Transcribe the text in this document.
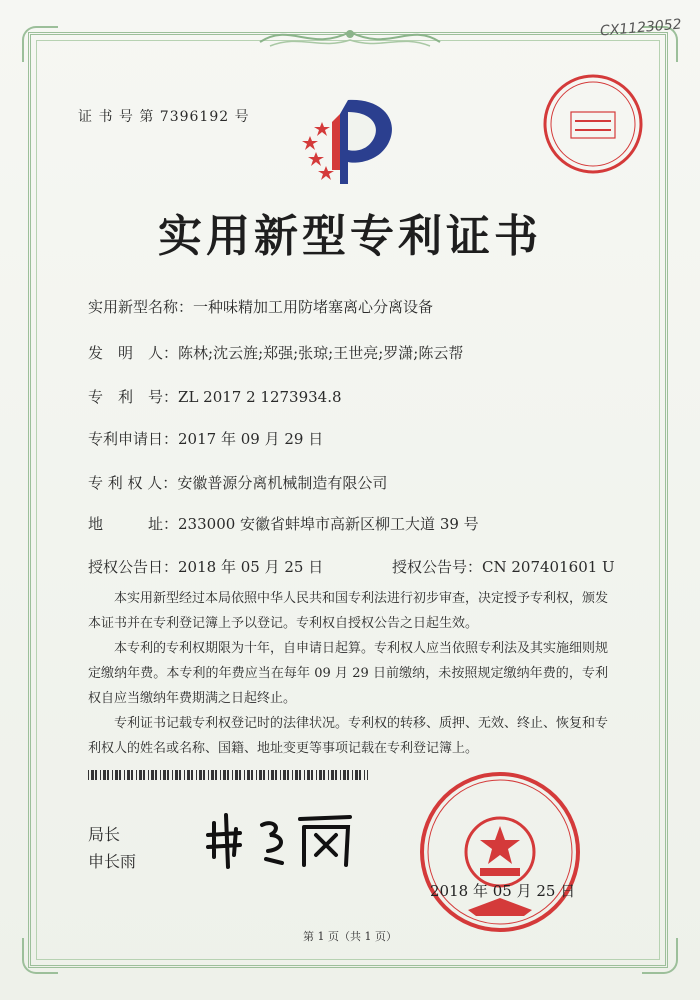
CX1123052
证 书 号 第 7396192 号
实用新型专利证书
实用新型名称：一种味精加工用防堵塞离心分离设备
发　明　人：陈林;沈云旌;郑强;张琼;王世亮;罗潇;陈云帮
专　利　号：ZL 2017 2 1273934.8
专利申请日：2017 年 09 月 29 日
专 利 权 人：安徽普源分离机械制造有限公司
地　　　址：233000 安徽省蚌埠市高新区柳工大道 39 号
授权公告日：2018 年 05 月 25 日	授权公告号：CN 207401601 U
本实用新型经过本局依照中华人民共和国专利法进行初步审查，决定授予专利权，颁发本证书并在专利登记簿上予以登记。专利权自授权公告之日起生效。
本专利的专利权期限为十年，自申请日起算。专利权人应当依照专利法及其实施细则规定缴纳年费。本专利的年费应当在每年 09 月 29 日前缴纳，未按照规定缴纳年费的，专利权自应当缴纳年费期满之日起终止。
专利证书记载专利权登记时的法律状况。专利权的转移、质押、无效、终止、恢复和专利权人的姓名或名称、国籍、地址变更等事项记载在专利登记簿上。
局长
申长雨
2018 年 05 月 25 日
第 1 页（共 1 页）
